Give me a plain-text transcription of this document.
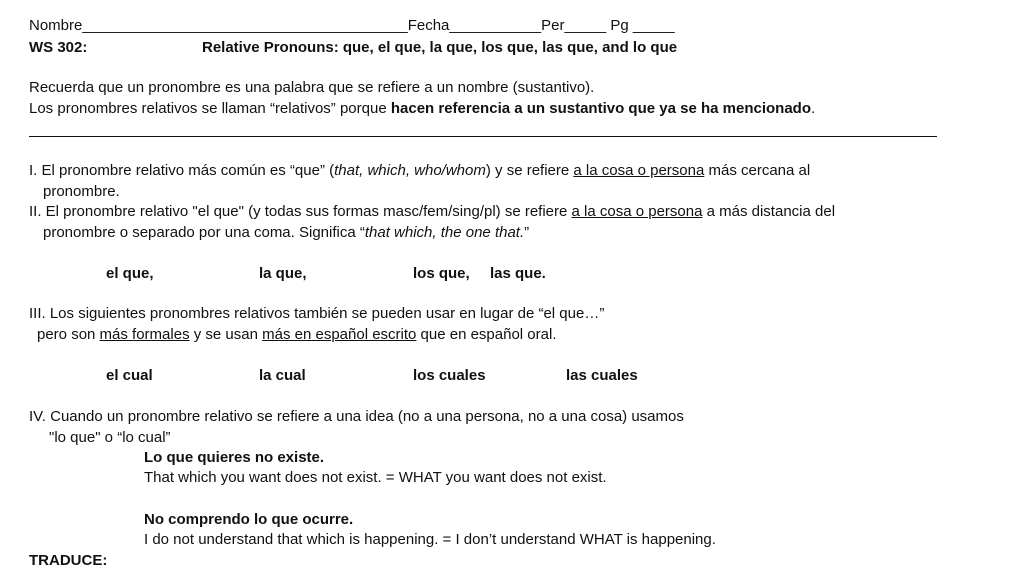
Nombre_______________________________________Fecha___________Per_____ Pg _____
WS 302:	Relative Pronouns: que, el que, la que, los que, las que, and lo que
Recuerda que un pronombre es una palabra que se refiere a un nombre (sustantivo).
Los pronombres relativos se llaman “relativos” porque hacen referencia a un sustantivo que ya se ha mencionado.
I. El pronombre relativo más común es “que” (that, which, who/whom) y se refiere a la cosa o persona más cercana al
pronombre.
II. El pronombre relativo "el que" (y todas sus formas masc/fem/sing/pl) se refiere a la cosa o persona a más distancia del
pronombre o separado por una coma. Significa “that which, the one that.”
el que,	la que,	los que, las que.
III. Los siguientes pronombres relativos también se pueden usar en lugar de “el que…”
pero son más formales y se usan más en español escrito que en español oral.
el cual	la cual	los cuales	las cuales
IV. Cuando un pronombre relativo se refiere a una idea (no a una persona, no a una cosa) usamos
"lo que" o “lo cual”
Lo que quieres no existe.
That which you want does not exist. = WHAT you want does not exist.
No comprendo lo que ocurre.
I do not understand that which is happening. = I don’t understand WHAT is happening.
TRADUCE:
